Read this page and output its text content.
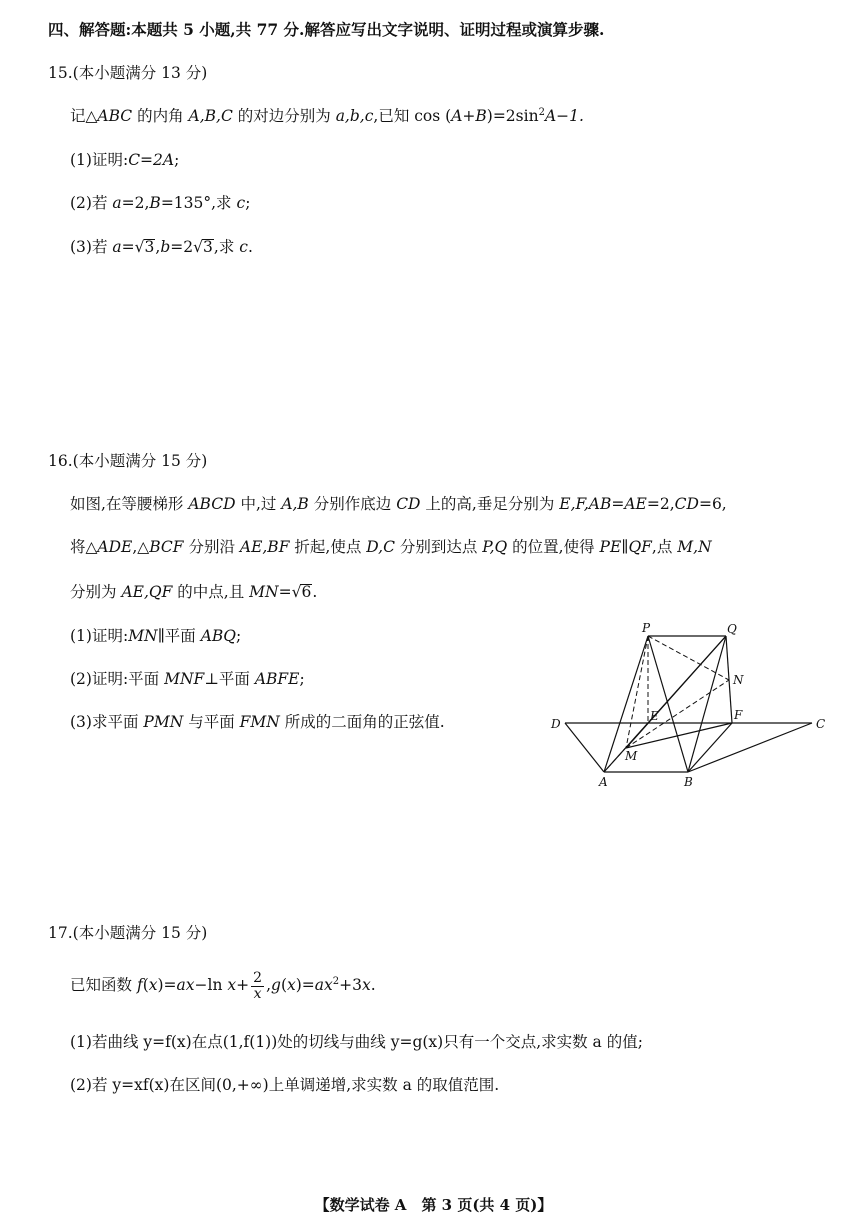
四、解答题:本题共 5 小题,共 77 分.解答应写出文字说明、证明过程或演算步骤.
15.(本小题满分 13 分)
记△ABC 的内角 A,B,C 的对边分别为 a,b,c,已知 $\cos (A+B)=2\sin^2A-1$.
(1)证明:C=2A;
(2)若 a=2,B=135°,求 c;
(3)若 a=√3,b=2√3,求 c.
16.(本小题满分 15 分)
如图,在等腰梯形 ABCD 中,过 A,B 分别作底边 CD 上的高,垂足分别为 E,F,AB=AE=2,CD=6,
将△ADE,△BCF 分别沿 AE,BF 折起,使点 D,C 分别到达点 P,Q 的位置,使得 PE∥QF,点 M,N
分别为 AE,QF 的中点,且 MN=√6.
(1)证明:MN∥平面 ABQ;
(2)证明:平面 MNF⊥平面 ABFE;
(3)求平面 PMN 与平面 FMN 所成的二面角的正弦值.
P	Q
N
E	F
D	C
M
A	B
17.(本小题满分 15 分)
已知函数 f(x)=ax−ln $x+ \frac{2}{x} ,g(x)=ax^2+3x$.
(1)若曲线 y=f(x)在点(1,f(1))处的切线与曲线 y=g(x)只有一个交点,求实数 a 的值;
(2)若 y=xf(x)在区间(0,+∞)上单调递增,求实数 a 的取值范围.
【数学试卷 A　第 3 页(共 4 页)】
